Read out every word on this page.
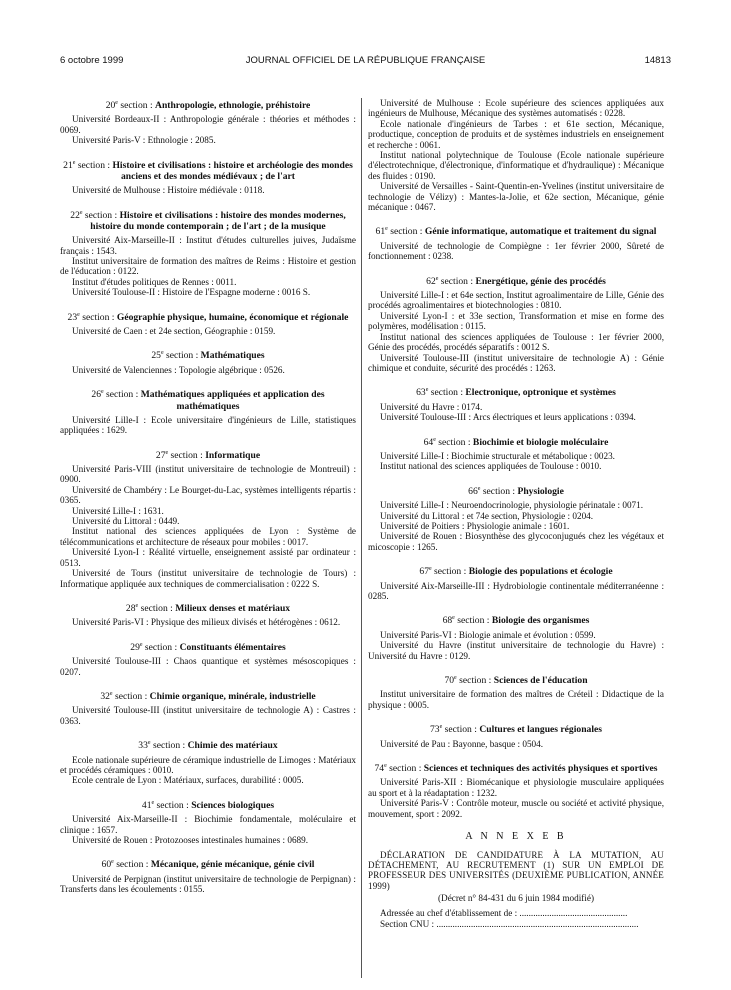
6 octobre 1999	JOURNAL OFFICIEL DE LA RÉPUBLIQUE FRANÇAISE	14813
20e section : Anthropologie, ethnologie, préhistoire

Université Bordeaux-II : Anthropologie générale : théories et méthodes : 0069.

Université Paris-V : Ethnologie : 2085.

21e section : Histoire et civilisations : histoire et archéologie des mondes anciens et des mondes médiévaux ; de l'art

Université de Mulhouse : Histoire médiévale : 0118.

22e section : Histoire et civilisations : histoire des mondes modernes, histoire du monde contemporain ; de l'art ; de la musique

Université Aix-Marseille-II : Institut d'études culturelles juives, Judaïsme français : 1543.

Institut universitaire de formation des maîtres de Reims : Histoire et gestion de l'éducation : 0122.

Institut d'études politiques de Rennes : 0011.

Université Toulouse-II : Histoire de l'Espagne moderne : 0016 S.

23e section : Géographie physique, humaine, économique et régionale

Université de Caen : et 24e section, Géographie : 0159.

25e section : Mathématiques

Université de Valenciennes : Topologie algébrique : 0526.

26e section : Mathématiques appliquées et application des mathématiques

Université Lille-I : Ecole universitaire d'ingénieurs de Lille, statistiques appliquées : 1629.

27e section : Informatique

Université Paris-VIII (institut universitaire de technologie de Montreuil) : 0900.

Université de Chambéry : Le Bourget-du-Lac, systèmes intelligents répartis : 0365.

Université Lille-I : 1631.

Université du Littoral : 0449.

Institut national des sciences appliquées de Lyon : Système de télécommunications et architecture de réseaux pour mobiles : 0017.

Université Lyon-I : Réalité virtuelle, enseignement assisté par ordinateur : 0513.

Université de Tours (institut universitaire de technologie de Tours) : Informatique appliquée aux techniques de commercialisation : 0222 S.

28e section : Milieux denses et matériaux

Université Paris-VI : Physique des milieux divisés et hétérogènes : 0612.

29e section : Constituants élémentaires

Université Toulouse-III : Chaos quantique et systèmes mésoscopiques : 0207.

32e section : Chimie organique, minérale, industrielle

Université Toulouse-III (institut universitaire de technologie A) : Castres : 0363.

33e section : Chimie des matériaux

Ecole nationale supérieure de céramique industrielle de Limoges : Matériaux et procédés céramiques : 0010.

Ecole centrale de Lyon : Matériaux, surfaces, durabilité : 0005.

41e section : Sciences biologiques

Université Aix-Marseille-II : Biochimie fondamentale, moléculaire et clinique : 1657.

Université de Rouen : Protozooses intestinales humaines : 0689.

60e section : Mécanique, génie mécanique, génie civil

Université de Perpignan (institut universitaire de technologie de Perpignan) : Transferts dans les écoulements : 0155.

Université de Mulhouse : Ecole supérieure des sciences appliquées aux ingénieurs de Mulhouse, Mécanique des systèmes automatisés : 0228.

Ecole nationale d'ingénieurs de Tarbes : et 61e section, Mécanique, productique, conception de produits et de systèmes industriels en enseignement et recherche : 0061.

Institut national polytechnique de Toulouse (Ecole nationale supérieure d'électrotechnique, d'électronique, d'informatique et d'hydraulique) : Mécanique des fluides : 0190.

Université de Versailles - Saint-Quentin-en-Yvelines (institut universitaire de technologie de Vélizy) : Mantes-la-Jolie, et 62e section, Mécanique, génie mécanique : 0467.

61e section : Génie informatique, automatique et traitement du signal

Université de technologie de Compiègne : 1er février 2000, Sûreté de fonctionnement : 0238.

62e section : Energétique, génie des procédés

Université Lille-I : et 64e section, Institut agroalimentaire de Lille, Génie des procédés agroalimentaires et biotechnologies : 0810.

Université Lyon-I : et 33e section, Transformation et mise en forme des polymères, modélisation : 0115.

Institut national des sciences appliquées de Toulouse : 1er février 2000, Génie des procédés, procédés séparatifs : 0012 S.

Université Toulouse-III (institut universitaire de technologie A) : Génie chimique et conduite, sécurité des procédés : 1263.

63e section : Electronique, optronique et systèmes

Université du Havre : 0174.

Université Toulouse-III : Arcs électriques et leurs applications : 0394.

64e section : Biochimie et biologie moléculaire

Université Lille-I : Biochimie structurale et métabolique : 0023.

Institut national des sciences appliquées de Toulouse : 0010.

66e section : Physiologie

Université Lille-I : Neuroendocrinologie, physiologie périnatale : 0071.

Université du Littoral : et 74e section, Physiologie : 0204.

Université de Poitiers : Physiologie animale : 1601.

Université de Rouen : Biosynthèse des glycoconjugués chez les végétaux et micoscopie : 1265.

67e section : Biologie des populations et écologie

Université Aix-Marseille-III : Hydrobiologie continentale méditerranéenne : 0285.

68e section : Biologie des organismes

Université Paris-VI : Biologie animale et évolution : 0599.

Université du Havre (institut universitaire de technologie du Havre) : Université du Havre : 0129.

70e section : Sciences de l'éducation

Institut universitaire de formation des maîtres de Créteil : Didactique de la physique : 0005.

73e section : Cultures et langues régionales

Université de Pau : Bayonne, basque : 0504.

74e section : Sciences et techniques des activités physiques et sportives

Université Paris-XII : Biomécanique et physiologie musculaire appliquées au sport et à la réadaptation : 1232.

Université Paris-V : Contrôle moteur, muscle ou société et activité physique, mouvement, sport : 2092.

A N N E X E B

DÉCLARATION DE CANDIDATURE À LA MUTATION, AU DÉTACHEMENT, AU RECRUTEMENT (1) SUR UN EMPLOI DE PROFESSEUR DES UNIVERSITÉS (DEUXIÈME PUBLICATION, ANNÉE 1999)

(Décret n° 84-431 du 6 juin 1984 modifié)

Adressée au chef d'établissement de : ...............................................

Section CNU : ........................................................................................
